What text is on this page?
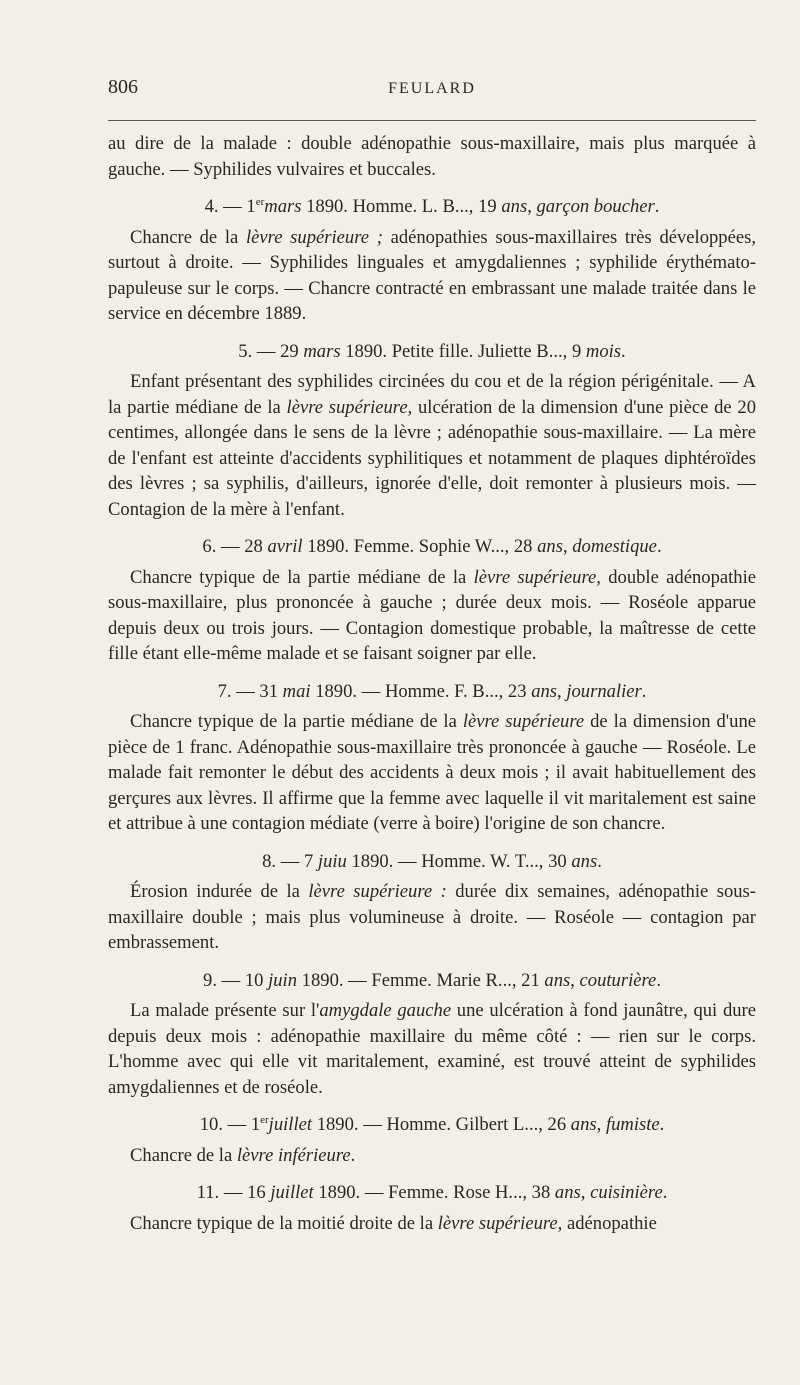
806	FEULARD

au dire de la malade : double adénopathie sous-maxillaire, mais plus marquée à gauche. — Syphilides vulvaires et buccales.

4. — 1ermars 1890. Homme. L. B..., 19 ans, garçon boucher.

Chancre de la lèvre supérieure ; adénopathies sous-maxillaires très développées, surtout à droite. — Syphilides linguales et amygdaliennes ; syphilide érythémato-papuleuse sur le corps. — Chancre contracté en embrassant une malade traitée dans le service en décembre 1889.

5. — 29 mars 1890. Petite fille. Juliette B..., 9 mois.

Enfant présentant des syphilides circinées du cou et de la région périgénitale. — A la partie médiane de la lèvre supérieure, ulcération de la dimension d'une pièce de 20 centimes, allongée dans le sens de la lèvre ; adénopathie sous-maxillaire. — La mère de l'enfant est atteinte d'accidents syphilitiques et notamment de plaques diphtéroïdes des lèvres ; sa syphilis, d'ailleurs, ignorée d'elle, doit remonter à plusieurs mois. — Contagion de la mère à l'enfant.

6. — 28 avril 1890. Femme. Sophie W..., 28 ans, domestique.

Chancre typique de la partie médiane de la lèvre supérieure, double adénopathie sous-maxillaire, plus prononcée à gauche ; durée deux mois. — Roséole apparue depuis deux ou trois jours. — Contagion domestique probable, la maîtresse de cette fille étant elle-même malade et se faisant soigner par elle.

7. — 31 mai 1890. — Homme. F. B..., 23 ans, journalier.

Chancre typique de la partie médiane de la lèvre supérieure de la dimension d'une pièce de 1 franc. Adénopathie sous-maxillaire très prononcée à gauche — Roséole. Le malade fait remonter le début des accidents à deux mois ; il avait habituellement des gerçures aux lèvres. Il affirme que la femme avec laquelle il vit maritalement est saine et attribue à une contagion médiate (verre à boire) l'origine de son chancre.

8. — 7 juiu 1890. — Homme. W. T..., 30 ans.

Érosion indurée de la lèvre supérieure : durée dix semaines, adénopathie sous-maxillaire double ; mais plus volumineuse à droite. — Roséole — contagion par embrassement.

9. — 10 juin 1890. — Femme. Marie R..., 21 ans, couturière.

La malade présente sur l'amygdale gauche une ulcération à fond jaunâtre, qui dure depuis deux mois : adénopathie maxillaire du même côté : — rien sur le corps. L'homme avec qui elle vit maritalement, examiné, est trouvé atteint de syphilides amygdaliennes et de roséole.

10. — 1erjuillet 1890. — Homme. Gilbert L..., 26 ans, fumiste.

Chancre de la lèvre inférieure.

11. — 16 juillet 1890. — Femme. Rose H..., 38 ans, cuisinière.

Chancre typique de la moitié droite de la lèvre supérieure, adénopathie
